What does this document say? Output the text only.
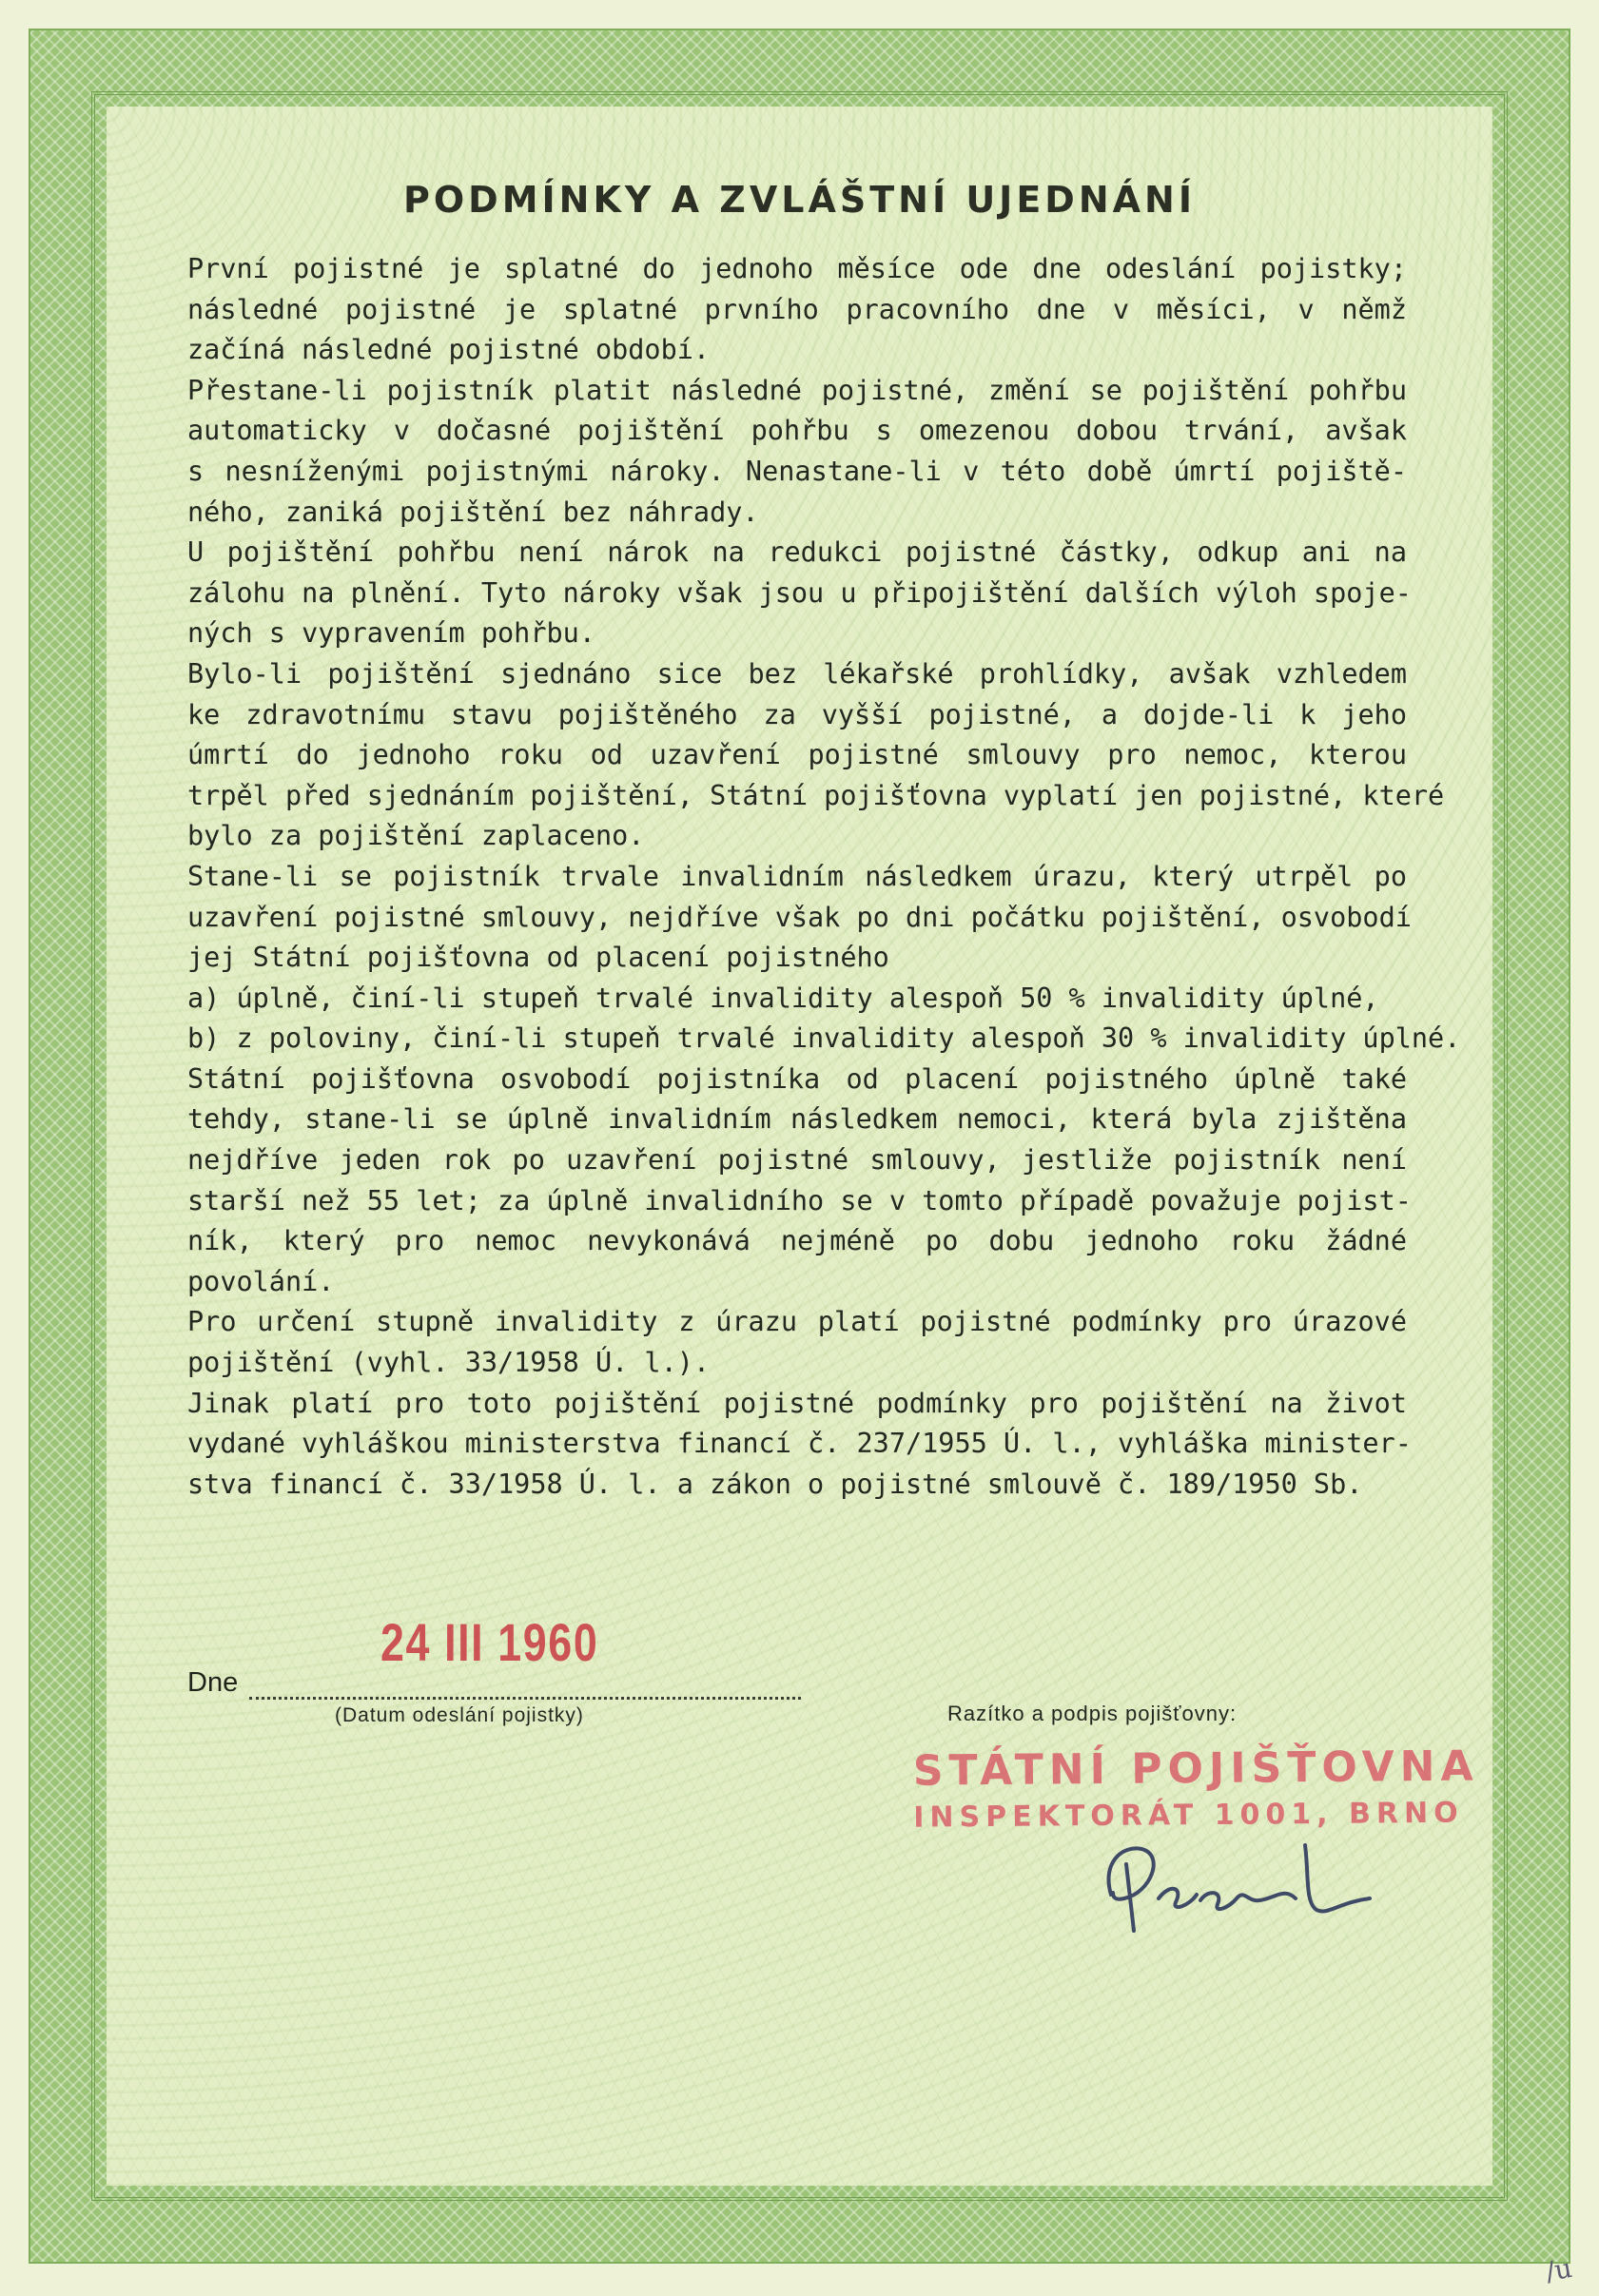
PODMÍNKY A ZVLÁŠTNÍ UJEDNÁNÍ
První pojistné je splatné do jednoho měsíce ode dne odeslání pojistky;
následné pojistné je splatné prvního pracovního dne v měsíci, v němž
začíná následné pojistné období.
Přestane-li pojistník platit následné pojistné, změní se pojištění pohřbu
automaticky v dočasné pojištění pohřbu s omezenou dobou trvání, avšak
s nesníženými pojistnými nároky. Nenastane-li v této době úmrtí pojiště-
ného, zaniká pojištění bez náhrady.
U pojištění pohřbu není nárok na redukci pojistné částky, odkup ani na
zálohu na plnění. Tyto nároky však jsou u připojištění dalších výloh spoje-
ných s vypravením pohřbu.
Bylo-li pojištění sjednáno sice bez lékařské prohlídky, avšak vzhledem
ke zdravotnímu stavu pojištěného za vyšší pojistné, a dojde-li k jeho
úmrtí do jednoho roku od uzavření pojistné smlouvy pro nemoc, kterou
trpěl před sjednáním pojištění, Státní pojišťovna vyplatí jen pojistné, které
bylo za pojištění zaplaceno.
Stane-li se pojistník trvale invalidním následkem úrazu, který utrpěl po
uzavření pojistné smlouvy, nejdříve však po dni počátku pojištění, osvobodí
jej Státní pojišťovna od placení pojistného
a) úplně, činí-li stupeň trvalé invalidity alespoň 50 % invalidity úplné,
b) z poloviny, činí-li stupeň trvalé invalidity alespoň 30 % invalidity úplné.
Státní pojišťovna osvobodí pojistníka od placení pojistného úplně také
tehdy, stane-li se úplně invalidním následkem nemoci, která byla zjištěna
nejdříve jeden rok po uzavření pojistné smlouvy, jestliže pojistník není
starší než 55 let; za úplně invalidního se v tomto případě považuje pojist-
ník, který pro nemoc nevykonává nejméně po dobu jednoho roku žádné
povolání.
Pro určení stupně invalidity z úrazu platí pojistné podmínky pro úrazové
pojištění (vyhl. 33/1958 Ú. l.).
Jinak platí pro toto pojištění pojistné podmínky pro pojištění na život
vydané vyhláškou ministerstva financí č. 237/1955 Ú. l., vyhláška minister-
stva financí č. 33/1958 Ú. l. a zákon o pojistné smlouvě č. 189/1950 Sb.
Dne
24 III 1960
(Datum odeslání pojistky)	Razítko a podpis pojišťovny:
STÁTNÍ POJIŠŤOVNA
INSPEKTORÁT 1001, BRNO
/u
